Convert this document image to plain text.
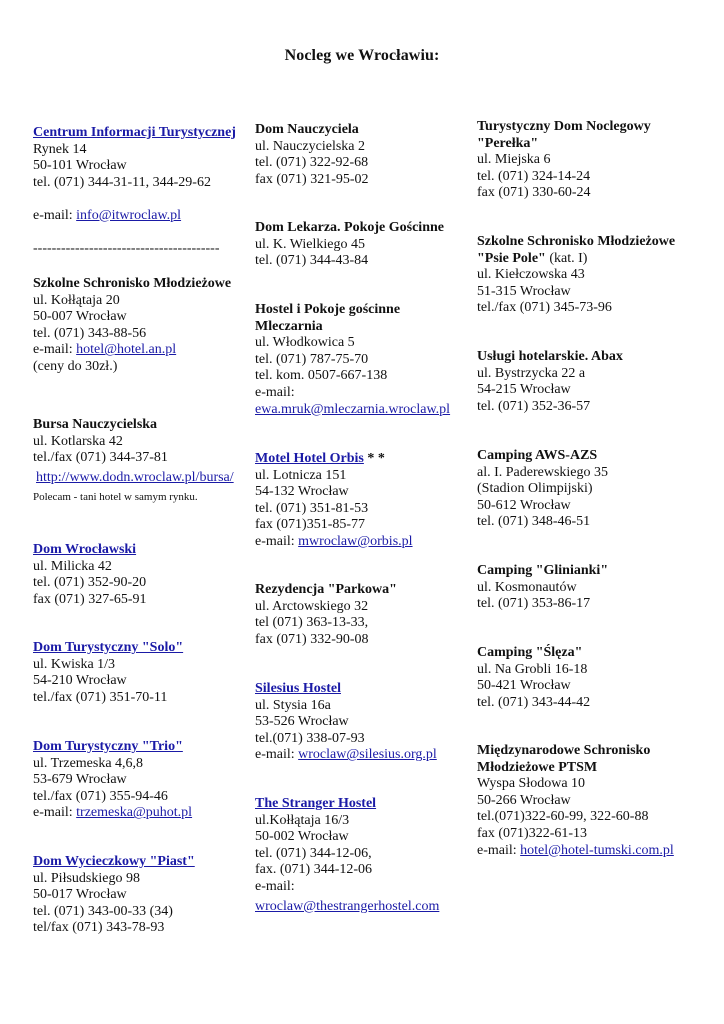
Nocleg we Wrocławiu:
Centrum Informacji Turystycznej
Rynek 14
50-101 Wrocław
tel. (071) 344-31-11, 344-29-62
e-mail: info@itwroclaw.pl
----------------------------------------
Szkolne Schronisko Młodzieżowe
ul. Kołłątaja 20
50-007 Wrocław
tel. (071) 343-88-56
e-mail: hotel@hotel.an.pl
(ceny do 30zł.)
Bursa Nauczycielska
ul. Kotlarska 42
tel./fax (071) 344-37-81
http://www.dodn.wroclaw.pl/bursa/
Polecam - tani hotel w samym rynku.
Dom Wrocławski
ul. Milicka 42
tel. (071) 352-90-20
fax (071) 327-65-91
Dom Turystyczny "Solo"
ul. Kwiska 1/3
54-210 Wrocław
tel./fax (071) 351-70-11
Dom Turystyczny "Trio"
ul. Trzemeska 4,6,8
53-679 Wrocław
tel./fax (071) 355-94-46
e-mail: trzemeska@puhot.pl
Dom Wycieczkowy "Piast"
ul. Piłsudskiego 98
50-017 Wrocław
tel. (071) 343-00-33 (34)
tel/fax (071) 343-78-93
Dom Nauczyciela
ul. Nauczycielska 2
tel. (071) 322-92-68
fax (071) 321-95-02
Dom Lekarza. Pokoje Gościnne
ul. K. Wielkiego 45
tel. (071) 344-43-84
Hostel i Pokoje gościnne
Mleczarnia
ul. Włodkowica 5
tel. (071) 787-75-70
tel. kom. 0507-667-138
e-mail:
ewa.mruk@mleczarnia.wroclaw.pl
Motel Hotel Orbis * *
ul. Lotnicza 151
54-132 Wrocław
tel. (071) 351-81-53
fax (071)351-85-77
e-mail: mwroclaw@orbis.pl
Rezydencja "Parkowa"
ul. Arctowskiego 32
tel (071) 363-13-33,
fax (071) 332-90-08
Silesius Hostel
ul. Stysia 16a
53-526 Wrocław
tel.(071) 338-07-93
e-mail: wroclaw@silesius.org.pl
The Stranger Hostel
ul.Kołłątaja 16/3
50-002 Wrocław
tel. (071) 344-12-06,
fax. (071) 344-12-06
e-mail:
wroclaw@thestrangerhostel.com
Turystyczny Dom Noclegowy
"Perełka"
ul. Miejska 6
tel. (071) 324-14-24
fax (071) 330-60-24
Szkolne Schronisko Młodzieżowe
"Psie Pole" (kat. I)
ul. Kiełczowska 43
51-315 Wrocław
tel./fax (071) 345-73-96
Usługi hotelarskie. Abax
ul. Bystrzycka 22 a
54-215 Wrocław
tel. (071) 352-36-57
Camping AWS-AZS
al. I. Paderewskiego 35
(Stadion Olimpijski)
50-612 Wrocław
tel. (071) 348-46-51
Camping "Glinianki"
ul. Kosmonautów
tel. (071) 353-86-17
Camping "Ślęza"
ul. Na Grobli 16-18
50-421 Wrocław
tel. (071) 343-44-42
Międzynarodowe Schronisko
Młodzieżowe PTSM
Wyspa Słodowa 10
50-266 Wrocław
tel.(071)322-60-99, 322-60-88
fax (071)322-61-13
e-mail: hotel@hotel-tumski.com.pl
